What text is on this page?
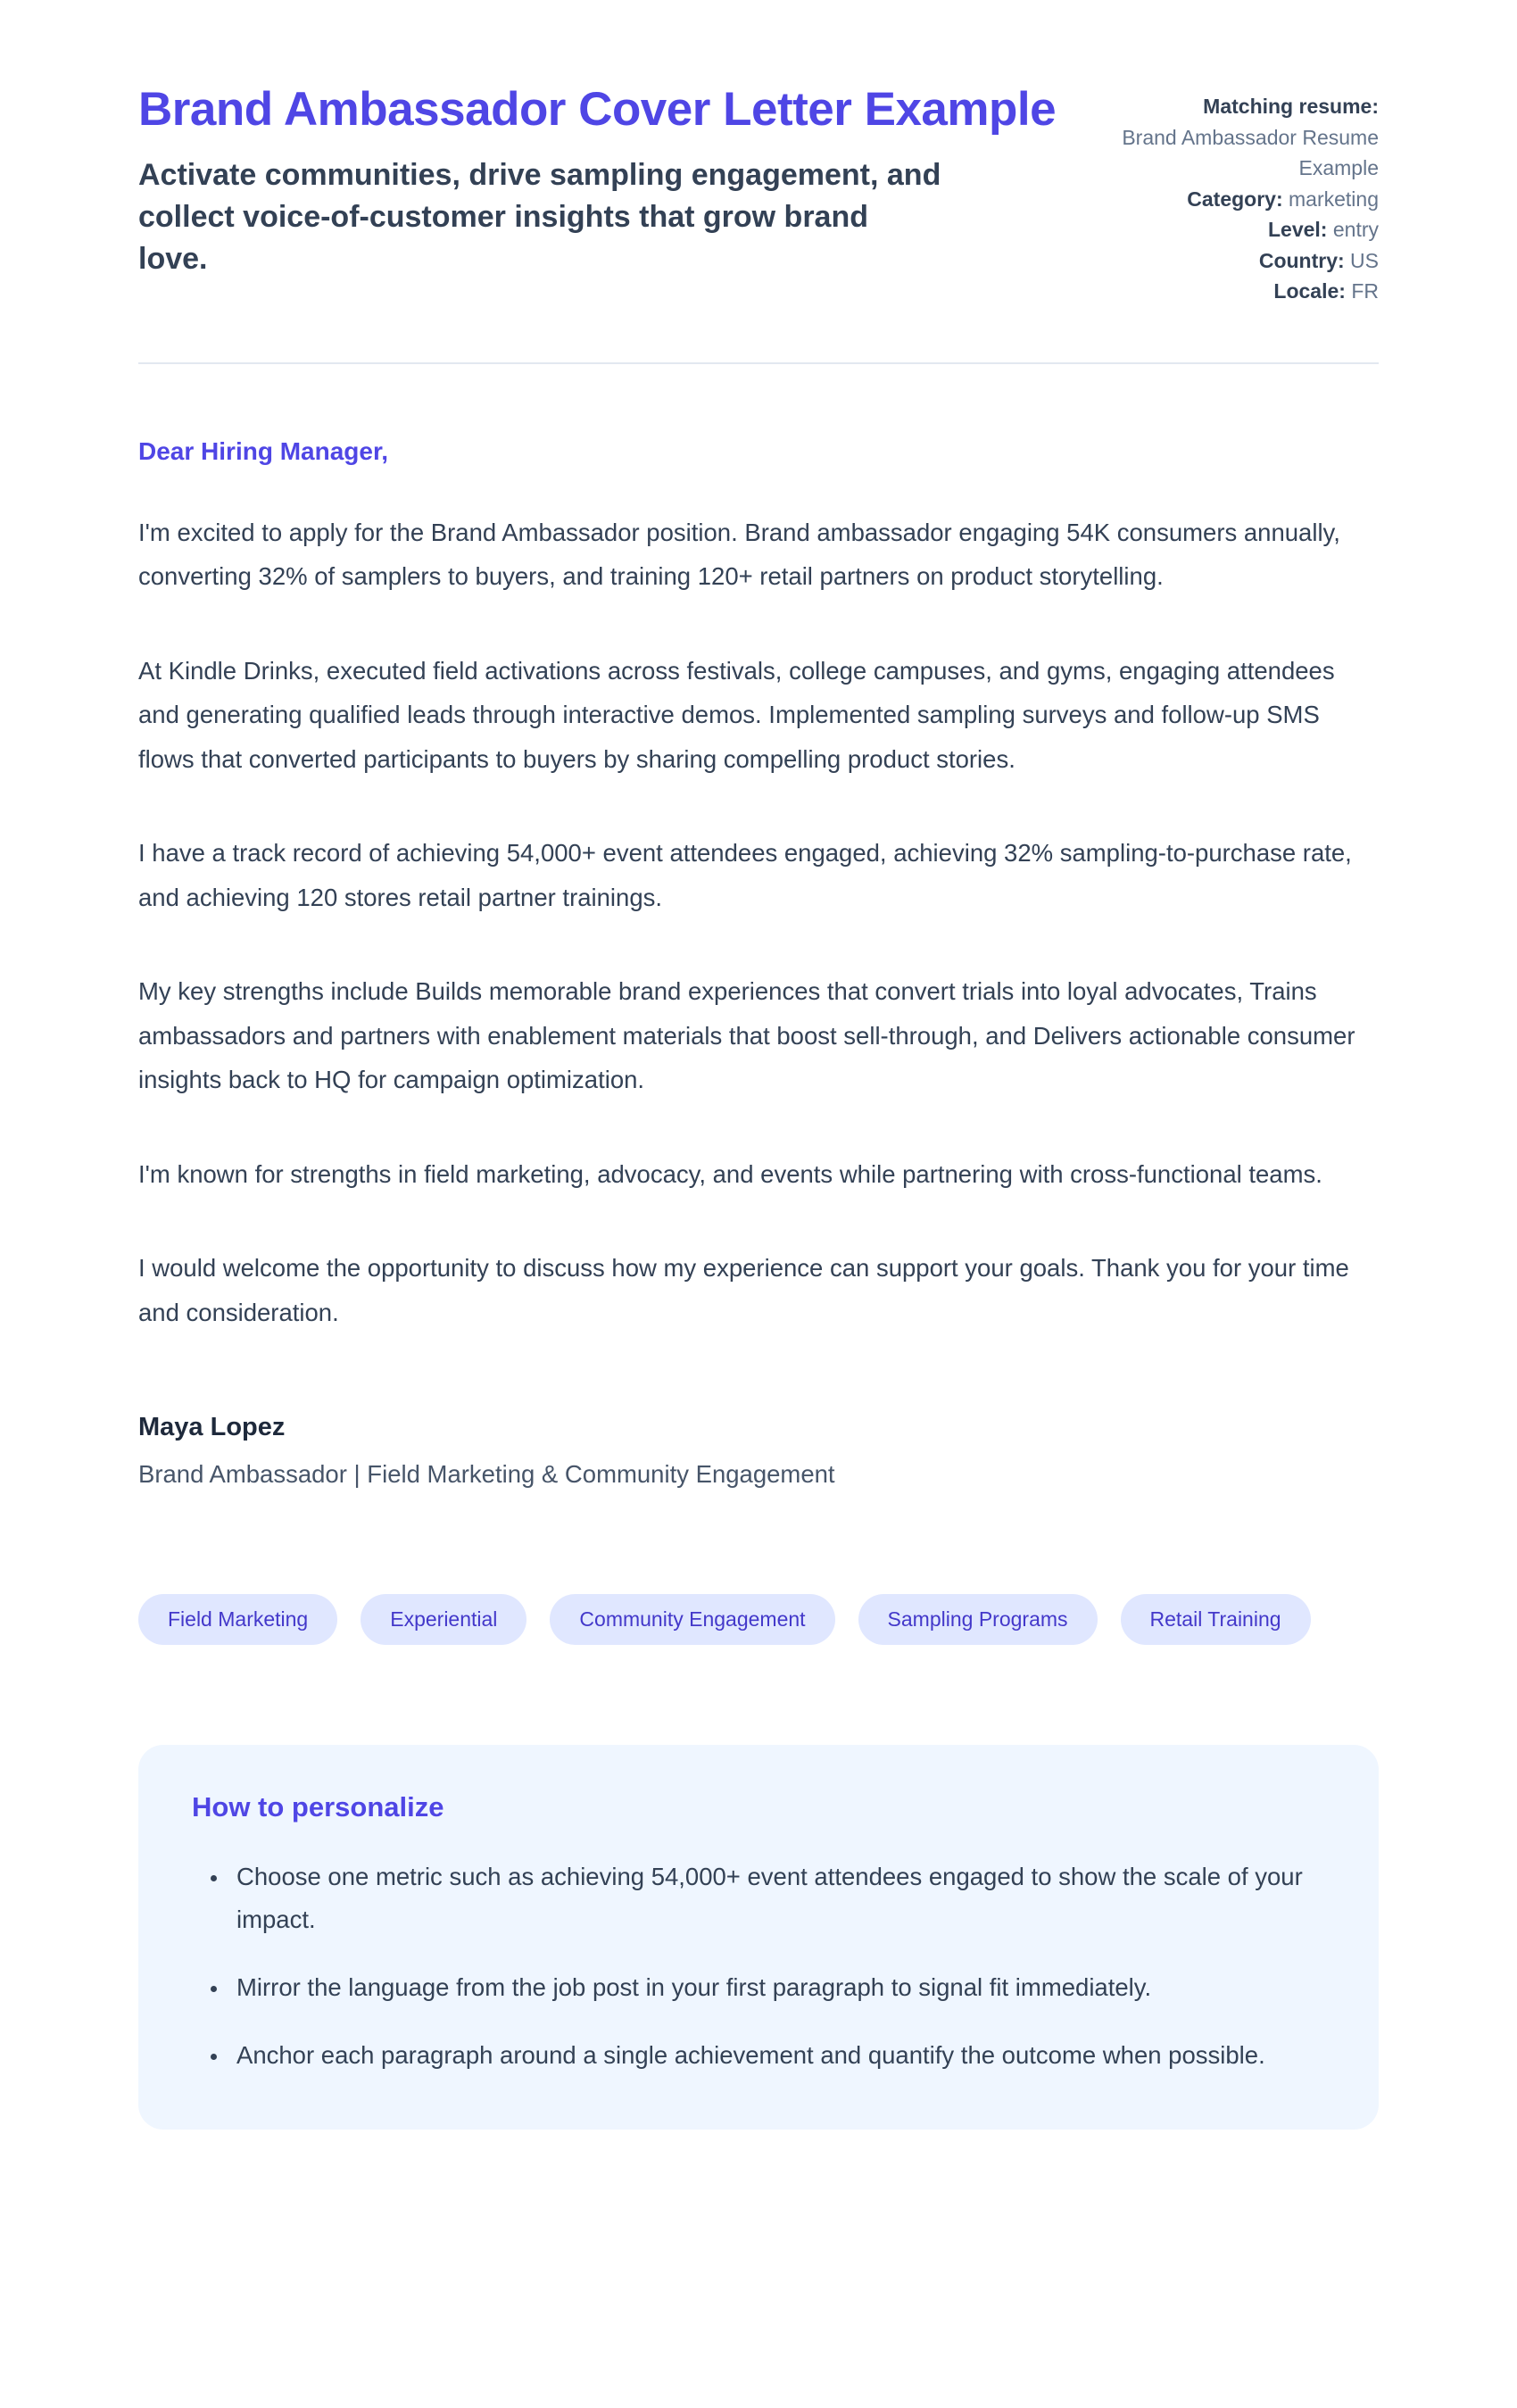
Brand Ambassador Cover Letter Example

Activate communities, drive sampling engagement, and collect voice-of-customer insights that grow brand love.

Matching resume:
Brand Ambassador Resume Example
Category: marketing
Level: entry
Country: US
Locale: FR

Dear Hiring Manager,

I'm excited to apply for the Brand Ambassador position. Brand ambassador engaging 54K consumers annually, converting 32% of samplers to buyers, and training 120+ retail partners on product storytelling.

At Kindle Drinks, executed field activations across festivals, college campuses, and gyms, engaging attendees and generating qualified leads through interactive demos. Implemented sampling surveys and follow-up SMS flows that converted participants to buyers by sharing compelling product stories.

I have a track record of achieving 54,000+ event attendees engaged, achieving 32% sampling-to-purchase rate, and achieving 120 stores retail partner trainings.

My key strengths include Builds memorable brand experiences that convert trials into loyal advocates, Trains ambassadors and partners with enablement materials that boost sell-through, and Delivers actionable consumer insights back to HQ for campaign optimization.

I'm known for strengths in field marketing, advocacy, and events while partnering with cross-functional teams.

I would welcome the opportunity to discuss how my experience can support your goals. Thank you for your time and consideration.

Maya Lopez

Brand Ambassador | Field Marketing & Community Engagement

Field Marketing	Experiential	Community Engagement	Sampling Programs	Retail Training
How to personalize
• Choose one metric such as achieving 54,000+ event attendees engaged to show the scale of your impact.
• Mirror the language from the job post in your first paragraph to signal fit immediately.
• Anchor each paragraph around a single achievement and quantify the outcome when possible.
